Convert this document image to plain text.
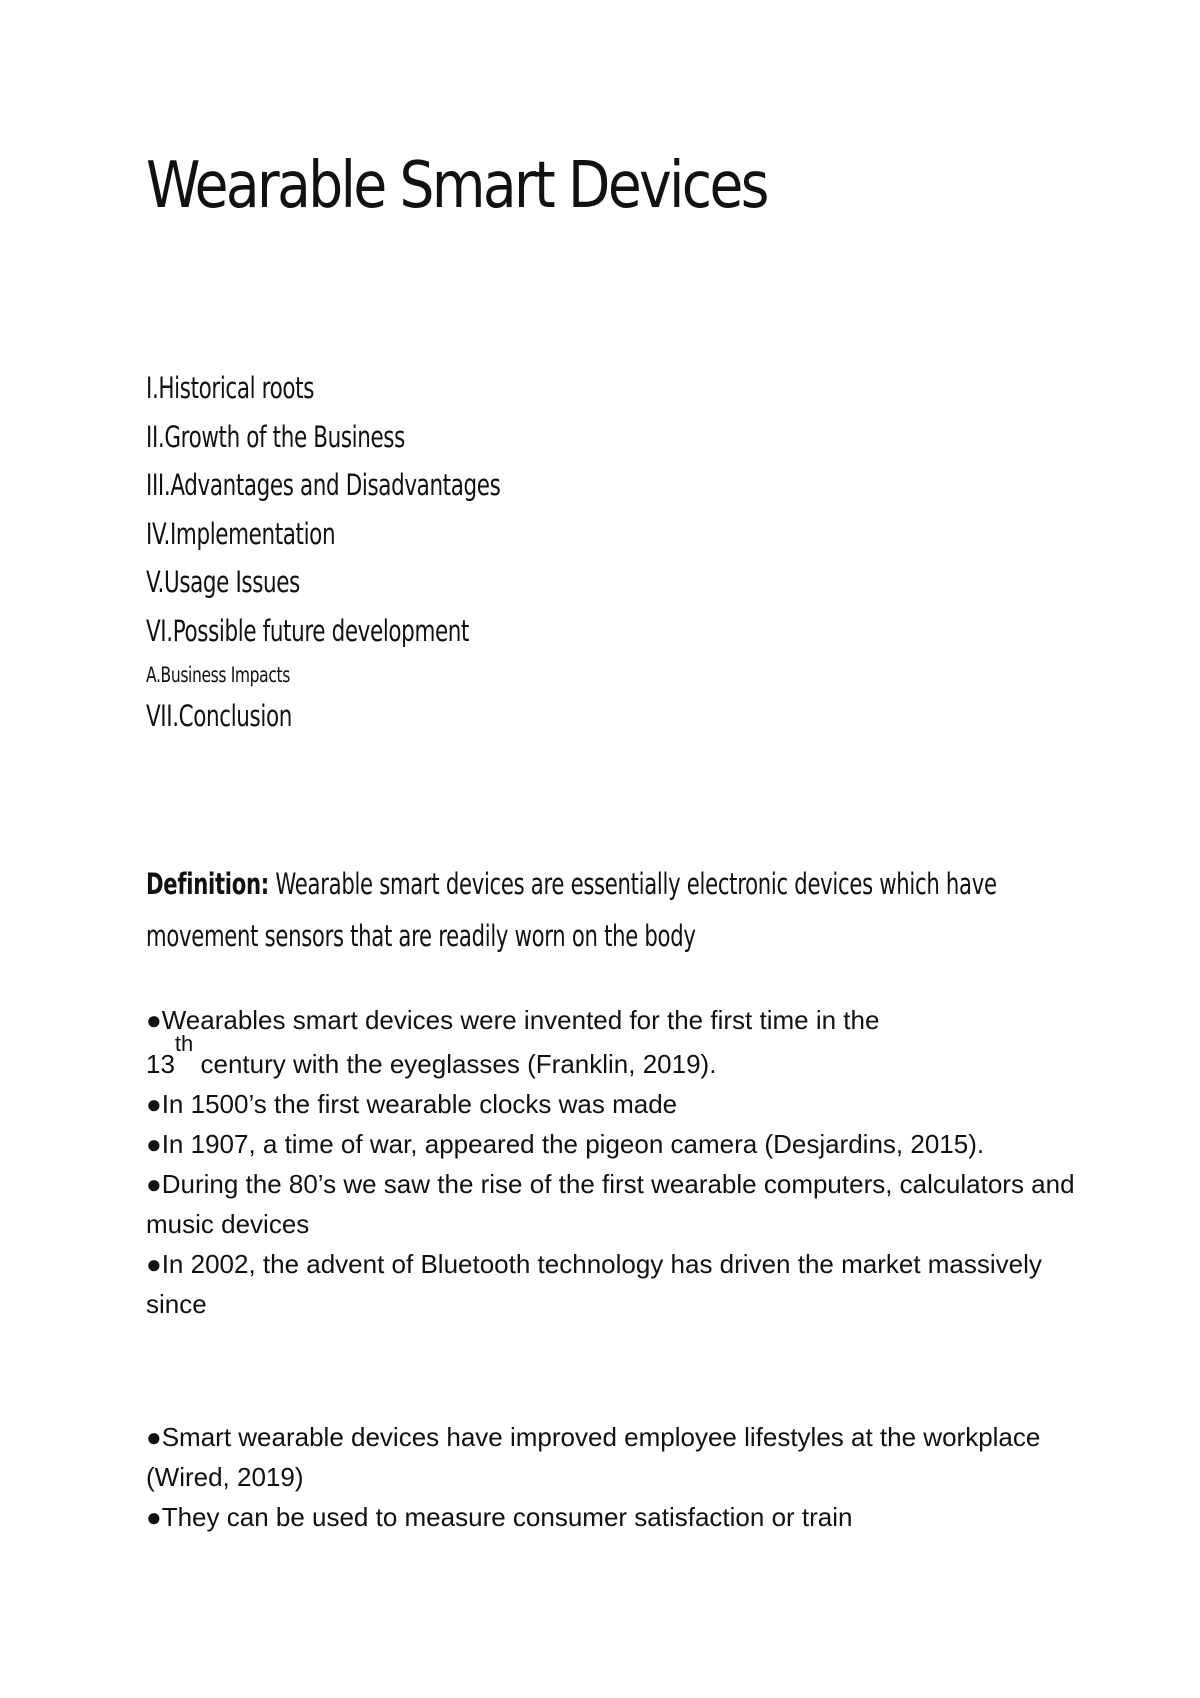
Wearable Smart Devices
I.Historical roots
II.Growth of the Business
III.Advantages and Disadvantages
IV.Implementation
V.Usage Issues
VI.Possible future development
A.Business Impacts
VII.Conclusion

Definition: Wearable smart devices are essentially electronic devices which have movement sensors that are readily worn on the body

●Wearables smart devices were invented for the first time in the
13th century with the eyeglasses (Franklin, 2019).
●In 1500’s the first wearable clocks was made
●In 1907, a time of war, appeared the pigeon camera (Desjardins, 2015).
●During the 80’s we saw the rise of the first wearable computers, calculators and music devices
●In 2002, the advent of Bluetooth technology has driven the market massively since
●Smart wearable devices have improved employee lifestyles at the workplace (Wired, 2019)
●They can be used to measure consumer satisfaction or train
